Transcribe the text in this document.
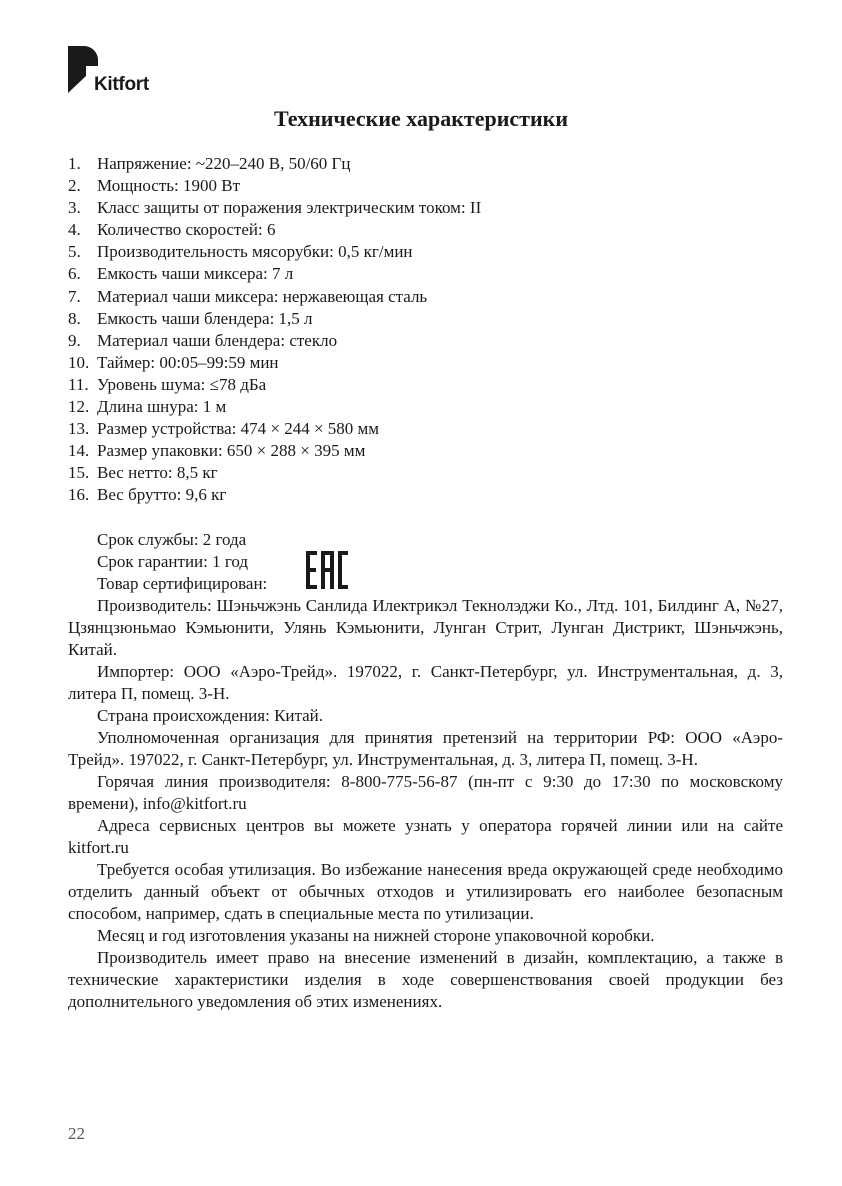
Kitfort
Технические характеристики
1. Напряжение: ~220–240 В, 50/60 Гц
2. Мощность: 1900 Вт
3. Класс защиты от поражения электрическим током: II
4. Количество скоростей: 6
5. Производительность мясорубки: 0,5 кг/мин
6. Емкость чаши миксера: 7 л
7. Материал чаши миксера: нержавеющая сталь
8. Емкость чаши блендера: 1,5 л
9. Материал чаши блендера: стекло
10. Таймер: 00:05–99:59 мин
11. Уровень шума: ≤78 дБа
12. Длина шнура: 1 м
13. Размер устройства: 474 × 244 × 580 мм
14. Размер упаковки: 650 × 288 × 395 мм
15. Вес нетто: 8,5 кг
16. Вес брутто: 9,6 кг

Срок службы: 2 года

Срок гарантии: 1 год

Товар сертифицирован:

Производитель: Шэньчжэнь Санлида Илектрикэл Текнолэджи Ко., Лтд. 101, Билдинг А, №27, Цзянцзюньмао Кэмьюнити, Улянь Кэмьюнити, Лунган Стрит, Лунган Дистрикт, Шэньчжэнь, Китай.

Импортер: ООО «Аэро-Трейд». 197022, г. Санкт-Петербург, ул. Инструментальная, д. 3, литера П, помещ. 3-Н.

Страна происхождения: Китай.

Уполномоченная организация для принятия претензий на территории РФ: ООО «Аэро-Трейд». 197022, г. Санкт-Петербург, ул. Инструментальная, д. 3, литера П, помещ. 3-Н.

Горячая линия производителя: 8-800-775-56-87 (пн-пт с 9:30 до 17:30 по московскому времени), info@kitfort.ru

Адреса сервисных центров вы можете узнать у оператора горячей линии или на сайте kitfort.ru

Требуется особая утилизация. Во избежание нанесения вреда окружающей среде необходимо отделить данный объект от обычных отходов и утилизировать его наиболее безопасным способом, например, сдать в специальные места по утилизации.

Месяц и год изготовления указаны на нижней стороне упаковочной коробки.

Производитель имеет право на внесение изменений в дизайн, комплектацию, а также в технические характеристики изделия в ходе совершенствования своей продукции без дополнительного уведомления об этих изменениях.

22
